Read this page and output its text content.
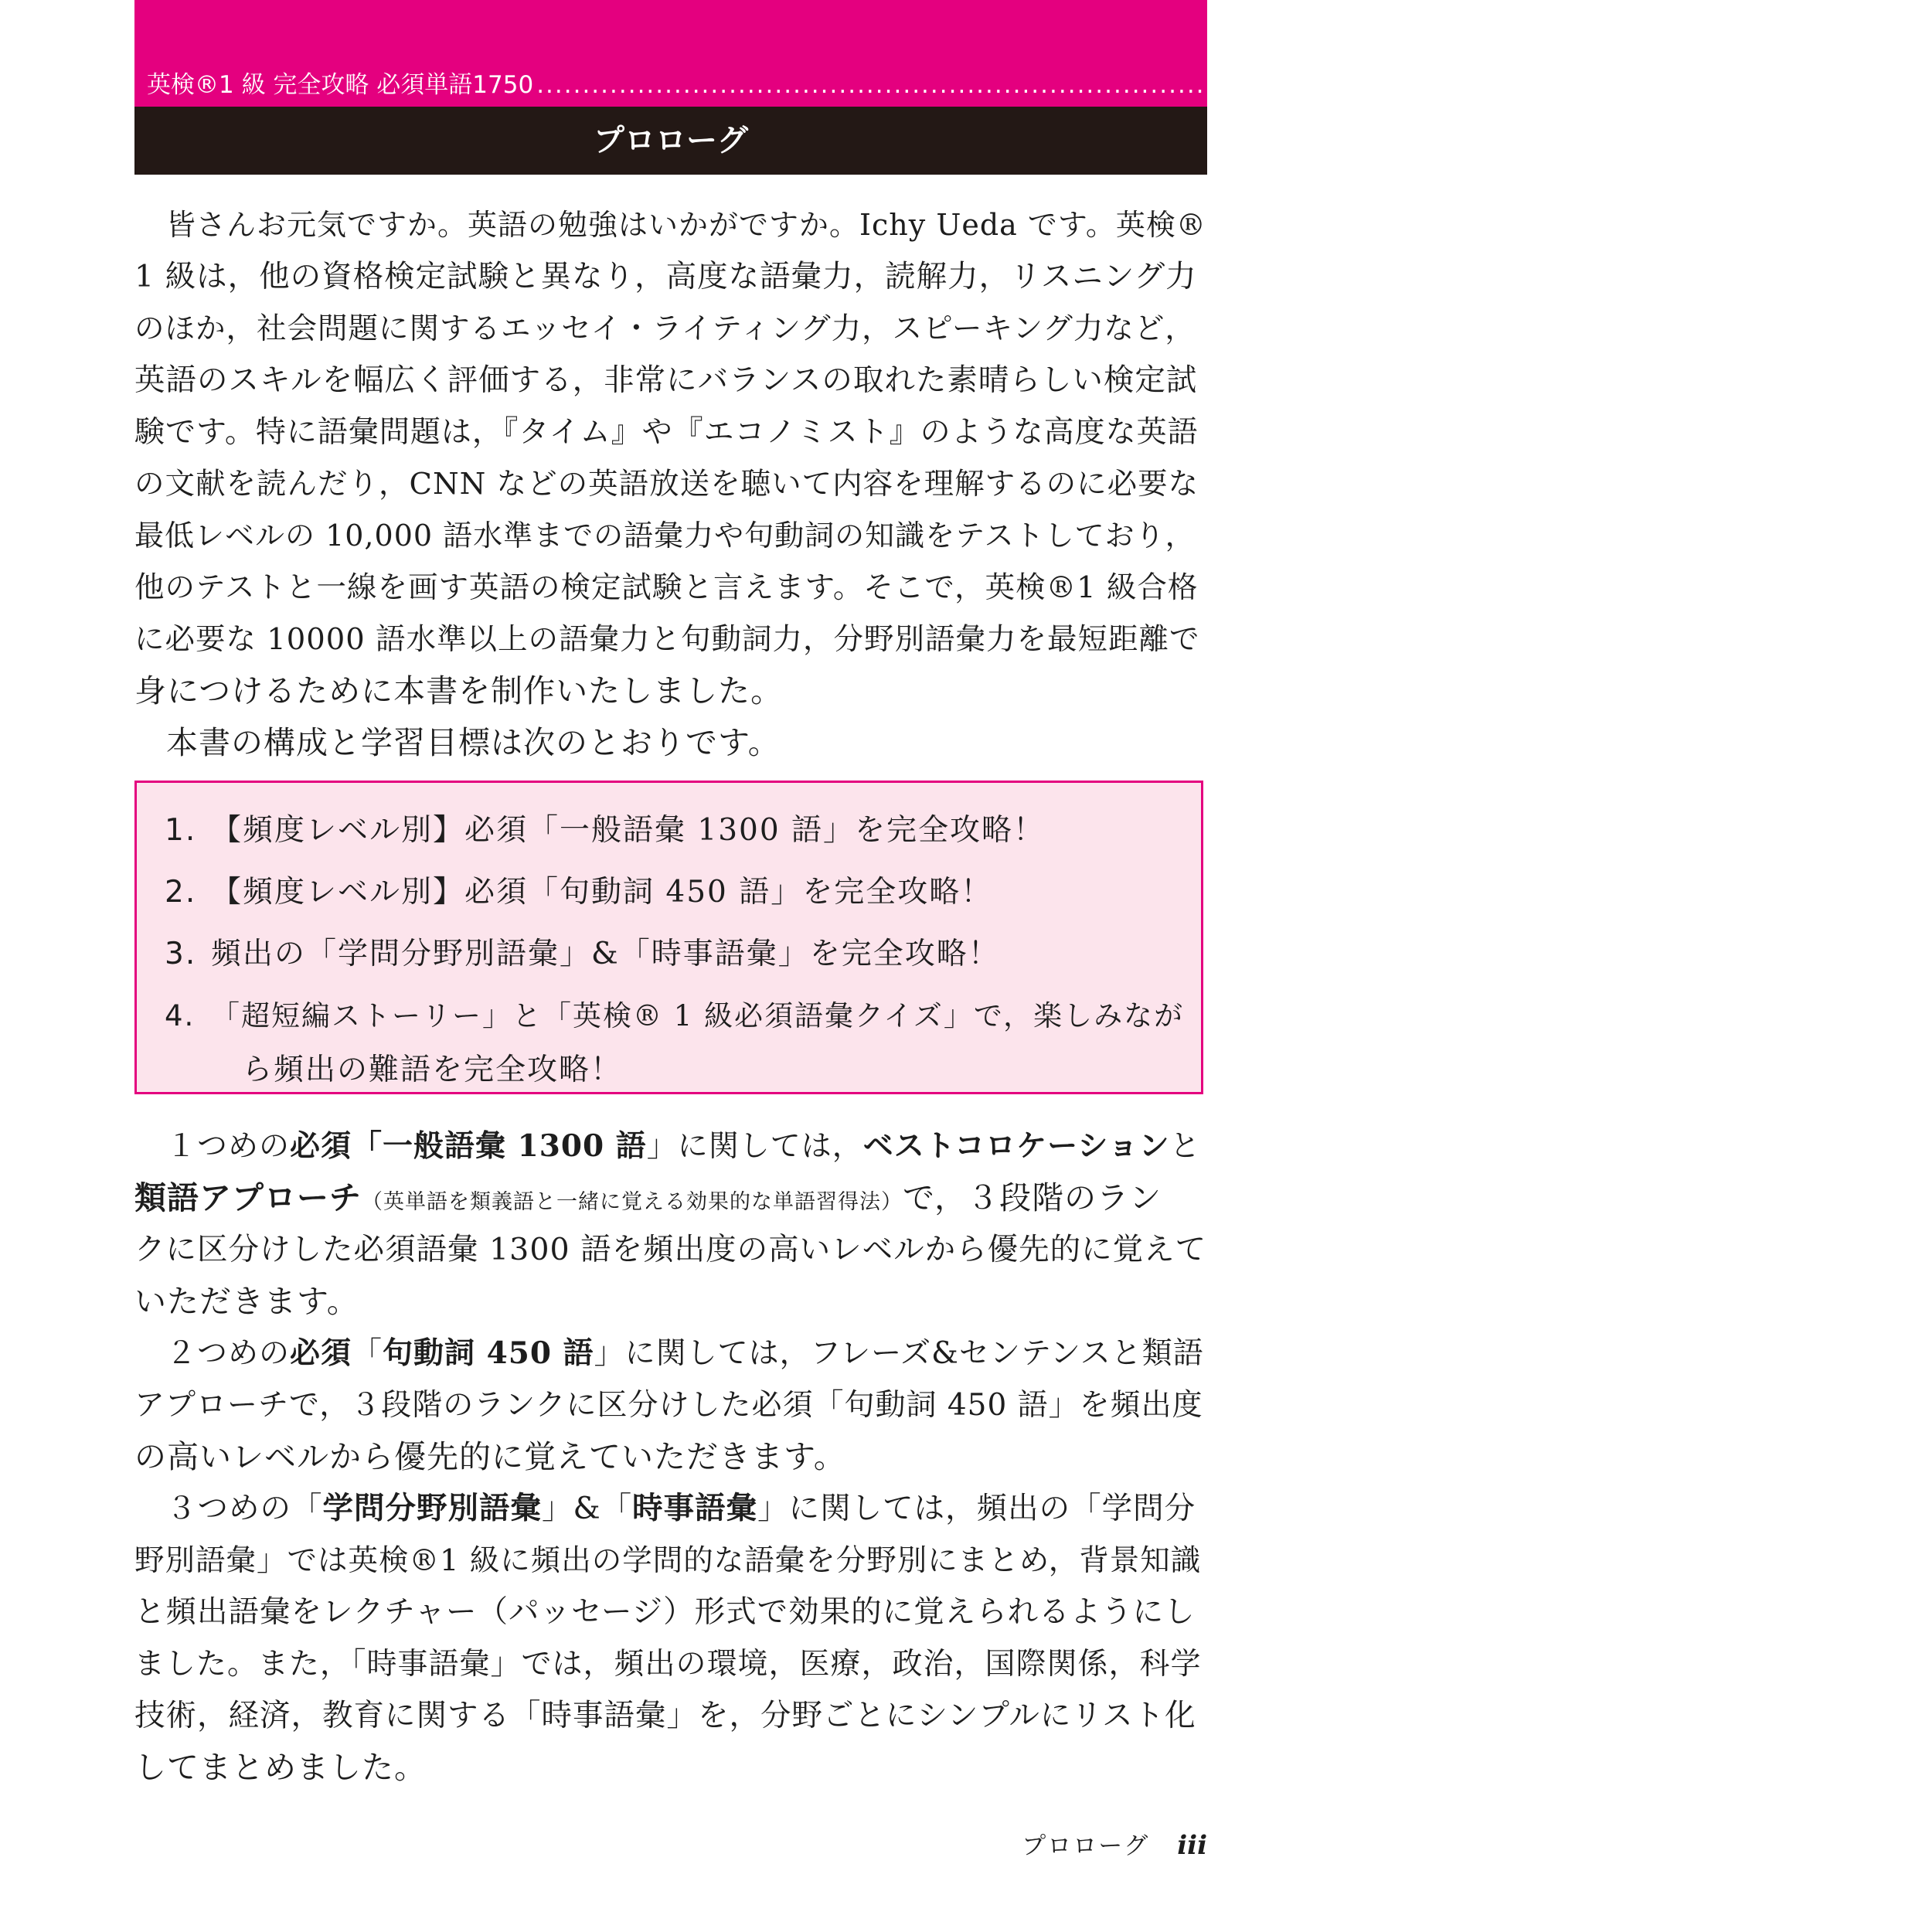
英検®1 級 完全攻略 必須単語1750 ........................................................................................................................................................
プロローグ
皆さんお元気ですか。英語の勉強はいかがですか。Ichy Ueda です。英検®
1 級は，他の資格検定試験と異なり，高度な語彙力，読解力，リスニング力
のほか，社会問題に関するエッセイ・ライティング力，スピーキング力など，
英語のスキルを幅広く評価する，非常にバランスの取れた素晴らしい検定試
験です。特に語彙問題は，『タイム』や『エコノミスト』のような高度な英語
の文献を読んだり，CNN などの英語放送を聴いて内容を理解するのに必要な
最低レベルの 10,000 語水準までの語彙力や句動詞の知識をテストしており，
他のテストと一線を画す英語の検定試験と言えます。そこで，英検®1 級合格
に必要な 10000 語水準以上の語彙力と句動詞力，分野別語彙力を最短距離で
身につけるために本書を制作いたしました。
本書の構成と学習目標は次のとおりです。
1. 【頻度レベル別】必須「一般語彙 1300 語」を完全攻略！
2. 【頻度レベル別】必須「句動詞 450 語」を完全攻略！
3. 頻出の「学問分野別語彙」&「時事語彙」を完全攻略！
4. 「超短編ストーリー」と「英検® 1 級必須語彙クイズ」で，楽しみなが
ら頻出の難語を完全攻略！
１つめの必須「一般語彙 1300 語」に関しては，ベストコロケーションと
類語アプローチ（英単語を類義語と一緒に覚える効果的な単語習得法）で，３段階のラン
クに区分けした必須語彙 1300 語を頻出度の高いレベルから優先的に覚えて
いただきます。
２つめの必須「句動詞 450 語」に関しては，フレーズ&センテンスと類語
アプローチで，３段階のランクに区分けした必須「句動詞 450 語」を頻出度
の高いレベルから優先的に覚えていただきます。
３つめの「学問分野別語彙」&「時事語彙」に関しては，頻出の「学問分
野別語彙」では英検®1 級に頻出の学問的な語彙を分野別にまとめ，背景知識
と頻出語彙をレクチャー（パッセージ）形式で効果的に覚えられるようにし
ました。また，「時事語彙」では，頻出の環境，医療，政治，国際関係，科学
技術，経済，教育に関する「時事語彙」を，分野ごとにシンプルにリスト化
してまとめました。
プロローグ iii
